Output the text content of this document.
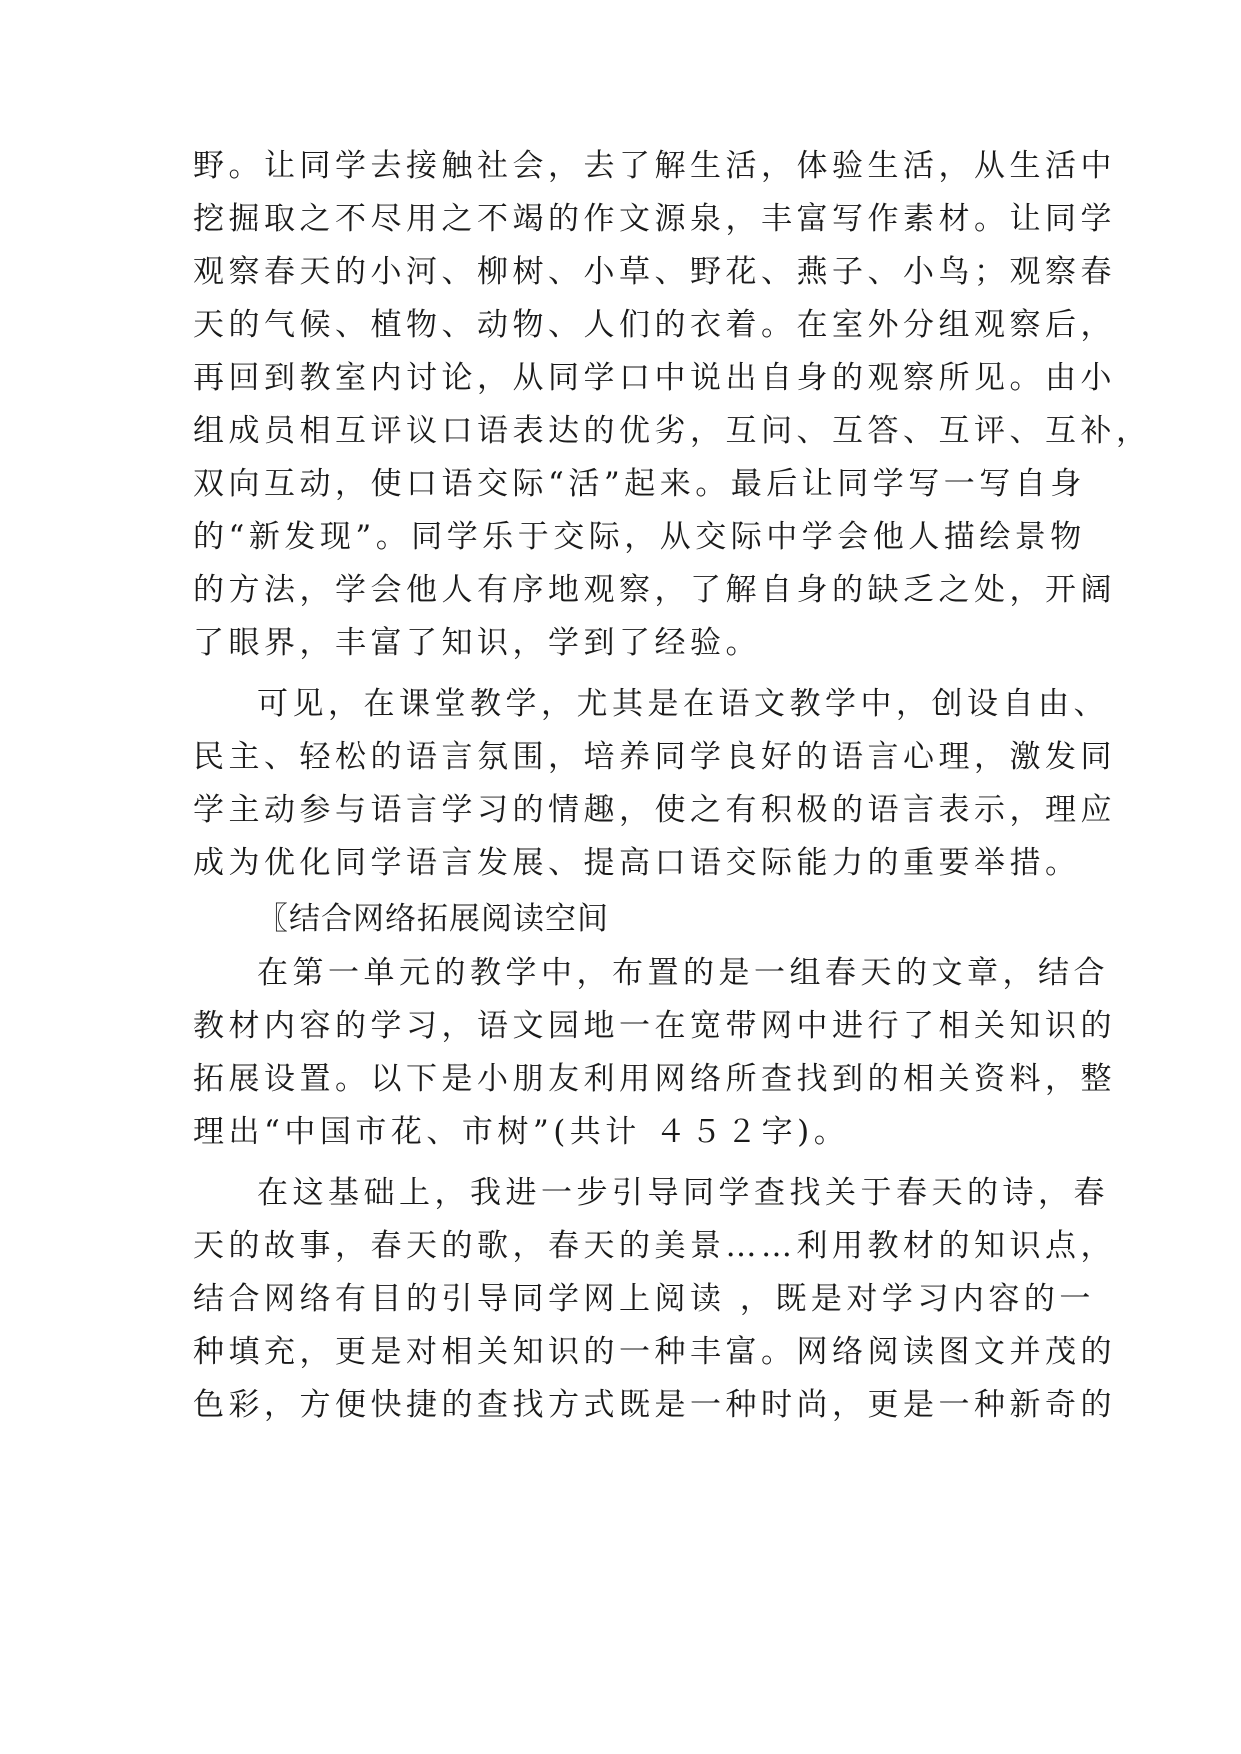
野。让同学去接触社会，去了解生活，体验生活，从生活中
挖掘取之不尽用之不竭的作文源泉，丰富写作素材。让同学
观察春天的小河、柳树、小草、野花、燕子、小鸟；观察春
天的气候、植物、动物、人们的衣着。在室外分组观察后，
再回到教室内讨论，从同学口中说出自身的观察所见。由小
组成员相互评议口语表达的优劣，互问、互答、互评、互补，
双向互动，使口语交际“活”起来。最后让同学写一写自身
的“新发现”。同学乐于交际，从交际中学会他人描绘景物
的方法，学会他人有序地观察，了解自身的缺乏之处，开阔
了眼界，丰富了知识，学到了经验。
可见，在课堂教学，尤其是在语文教学中，创设自由、
民主、轻松的语言氛围，培养同学良好的语言心理，激发同
学主动参与语言学习的情趣，使之有积极的语言表示，理应
成为优化同学语言发展、提高口语交际能力的重要举措。
〖结合网络拓展阅读空间
在第一单元的教学中，布置的是一组春天的文章，结合
教材内容的学习，语文园地一在宽带网中进行了相关知识的
拓展设置。以下是小朋友利用网络所查找到的相关资料，整
理出“中国市花、市树”(共计 ４５２字)。
在这基础上，我进一步引导同学查找关于春天的诗，春
天的故事，春天的歌，春天的美景……利用教材的知识点，
结合网络有目的引导同学网上阅读 ，既是对学习内容的一
种填充，更是对相关知识的一种丰富。网络阅读图文并茂的
色彩，方便快捷的查找方式既是一种时尚，更是一种新奇的
